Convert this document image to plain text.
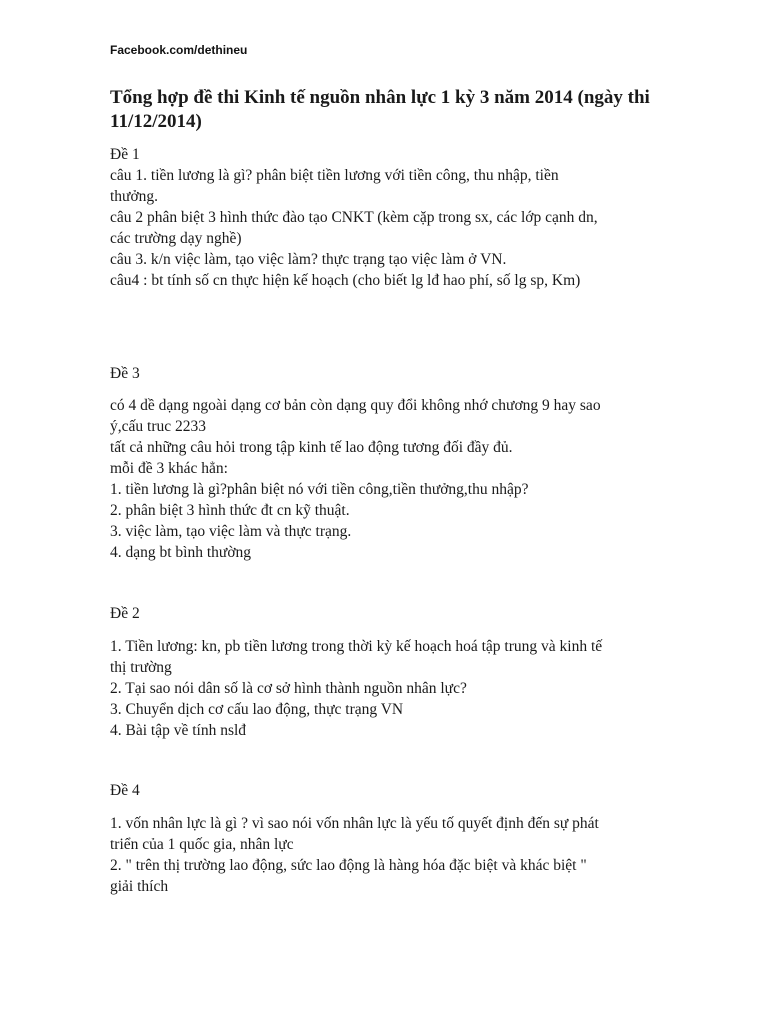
Facebook.com/dethineu
Tổng hợp đề thi Kinh tế nguồn nhân lực 1 kỳ 3 năm 2014 (ngày thi 11/12/2014)
Đề 1
câu 1. tiền lương là gì? phân biệt tiền lương với tiền công, thu nhập, tiền
thưởng.
câu 2 phân biệt 3 hình thức đào tạo CNKT (kèm cặp trong sx, các lớp cạnh dn,
các trường dạy nghề)
câu 3. k/n việc làm, tạo việc làm? thực trạng tạo việc làm ở VN.
câu4 : bt tính số cn thực hiện kế hoạch (cho biết lg lđ hao phí, số lg sp, Km)
Đề 3
có 4 dề dạng ngoài dạng cơ bản còn dạng quy đổi không nhớ chương 9 hay sao
ý,cấu truc 2233
tất cả những câu hỏi trong tập kinh tế lao động tương đối đầy đủ.
mỗi đề 3 khác hẳn:
1. tiền lương là gì?phân biệt nó với tiền công,tiền thưởng,thu nhập?
2. phân biệt 3 hình thức đt cn kỹ thuật.
3. việc làm, tạo việc làm và thực trạng.
4. dạng bt bình thường
Đề 2
1. Tiền lương: kn, pb tiền lương trong thời kỳ kế hoạch hoá tập trung và kinh tế
thị trường
2. Tại sao nói dân số là cơ sở hình thành nguồn nhân lực?
3. Chuyển dịch cơ cấu lao động, thực trạng VN
4. Bài tập về tính nslđ
Đề 4
1. vốn nhân lực là gì ? vì sao nói vốn nhân lực là yếu tố quyết định đến sự phát
triển của 1 quốc gia, nhân lực
2. " trên thị trường lao động, sức lao động là hàng hóa đặc biệt và khác biệt "
giải thích
